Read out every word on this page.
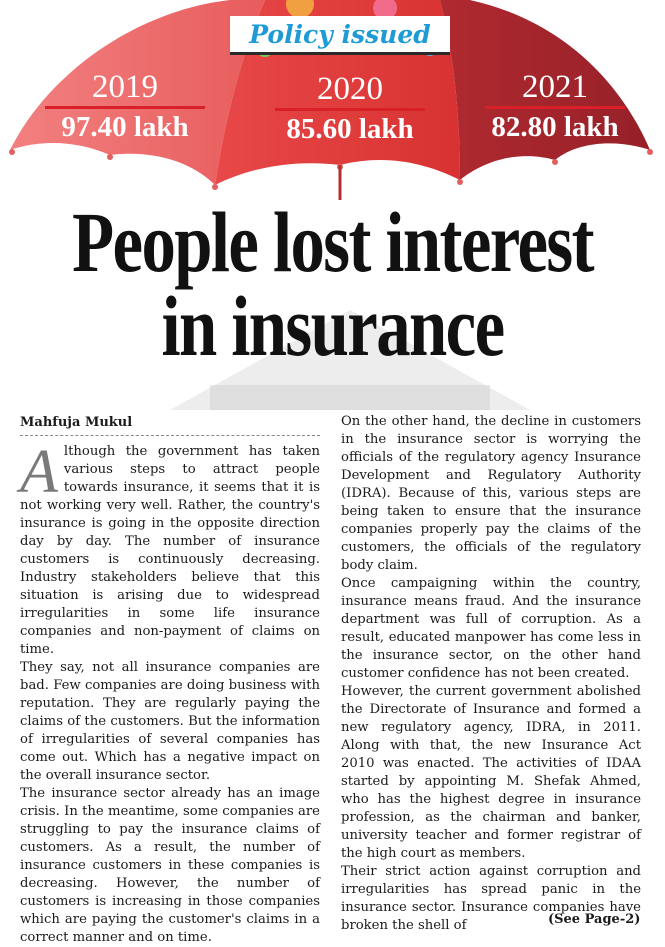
Policy issued
2019
97.40 lakh
2020
85.60 lakh
2021
82.80 lakh
People lost interest
in insurance
Mahfuja Mukul

Although the government has taken various steps to attract people towards insurance, it seems that it is not working very well. Rather, the country's insurance is going in the opposite direction day by day. The number of insurance customers is continuously decreasing. Industry stakeholders believe that this situation is arising due to widespread irregularities in some life insurance companies and non-payment of claims on time.

They say, not all insurance companies are bad. Few companies are doing business with reputation. They are regularly paying the claims of the customers. But the information of irregularities of several companies has come out. Which has a negative impact on the overall insurance sector.

The insurance sector already has an image crisis. In the meantime, some companies are struggling to pay the insurance claims of customers. As a result, the number of insurance customers in these companies is decreasing. However, the number of customers is increasing in those companies which are paying the customer's claims in a correct manner and on time.

On the other hand, the decline in customers in the insurance sector is worrying the officials of the regulatory agency Insurance Development and Regulatory Authority (IDRA). Because of this, various steps are being taken to ensure that the insurance companies properly pay the claims of the customers, the officials of the regulatory body claim.

Once campaigning within the country, insurance means fraud. And the insurance department was full of corruption. As a result, educated manpower has come less in the insurance sector, on the other hand customer confidence has not been created.

However, the current government abolished the Directorate of Insurance and formed a new regulatory agency, IDRA, in 2011. Along with that, the new Insurance Act 2010 was enacted. The activities of IDAA started by appointing M. Shefak Ahmed, who has the highest degree in insurance profession, as the chairman and banker, university teacher and former registrar of the high court as members.

Their strict action against corruption and irregularities has spread panic in the insurance sector. Insurance companies have broken the shell of	(See Page-2)
